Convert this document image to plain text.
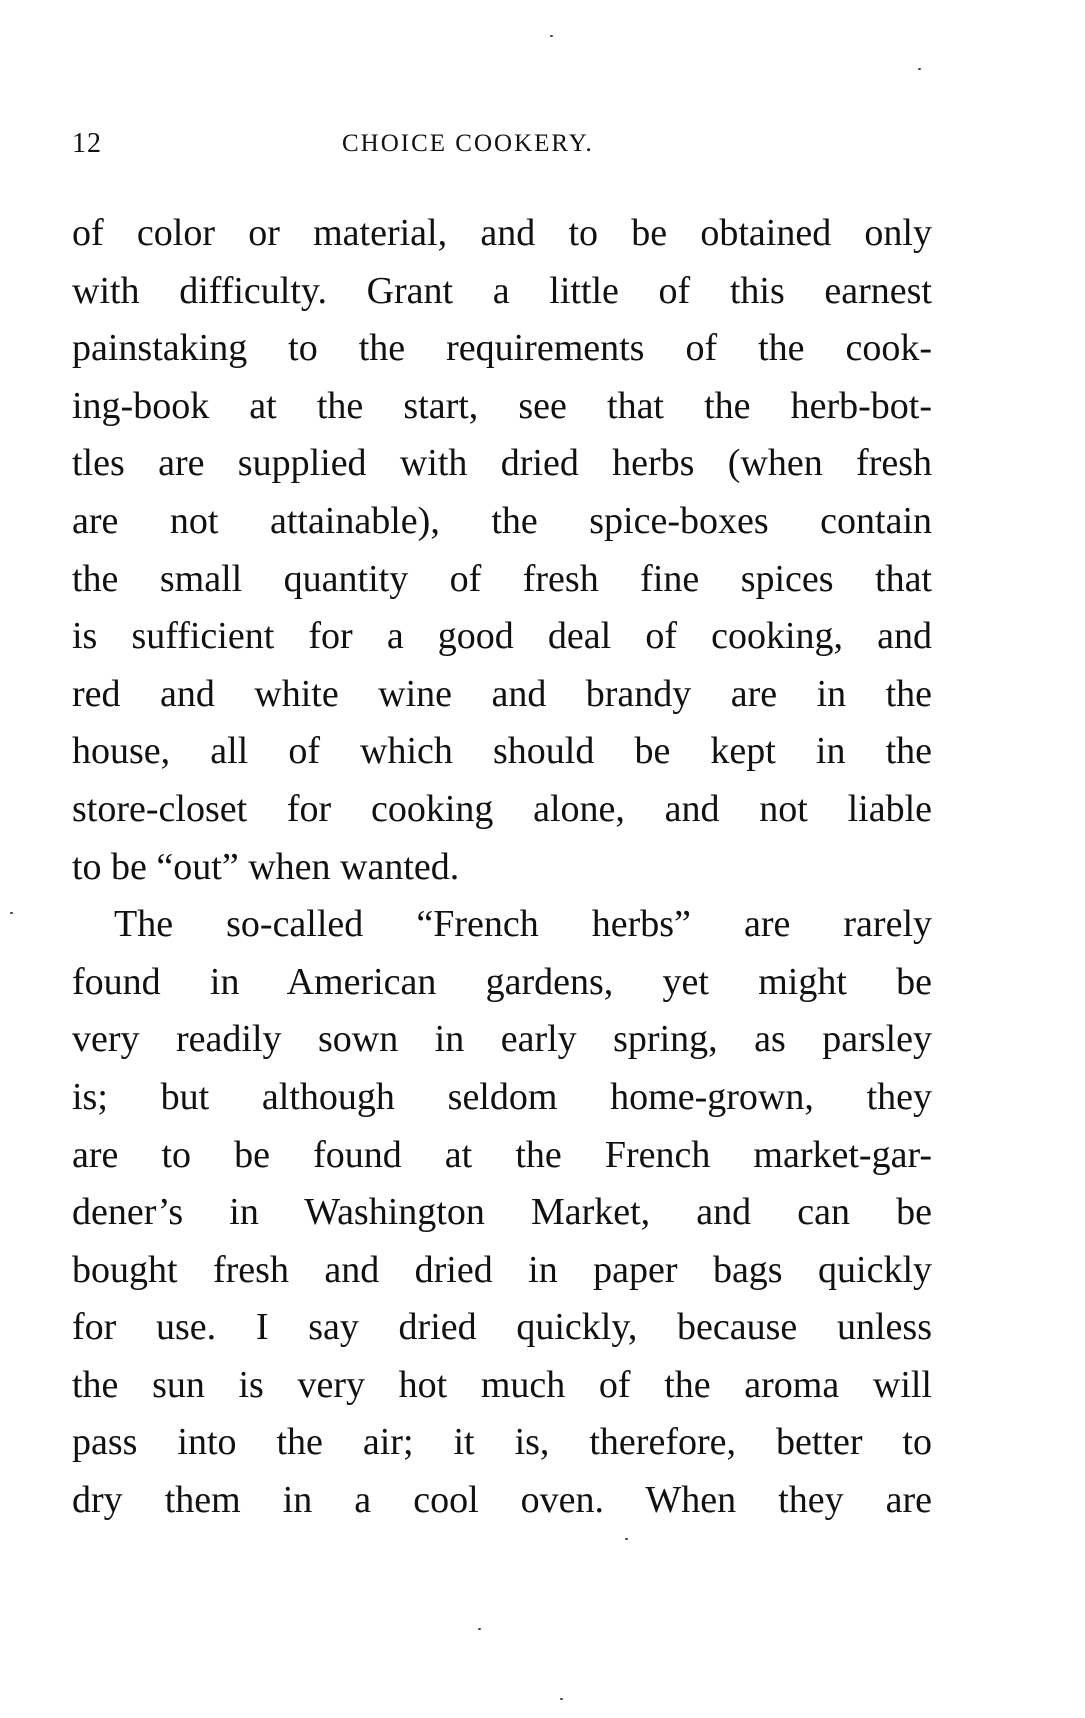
12	CHOICE COOKERY.
of color or material, and to be obtained only
with difficulty. Grant a little of this earnest
painstaking to the requirements of the cook-
ing-book at the start, see that the herb-bot-
tles are supplied with dried herbs (when fresh
are not attainable), the spice-boxes contain
the small quantity of fresh fine spices that
is sufficient for a good deal of cooking, and
red and white wine and brandy are in the
house, all of which should be kept in the
store-closet for cooking alone, and not liable
to be “out” when wanted.
The so-called “French herbs” are rarely
found in American gardens, yet might be
very readily sown in early spring, as parsley
is; but although seldom home-grown, they
are to be found at the French market-gar-
dener’s in Washington Market, and can be
bought fresh and dried in paper bags quickly
for use. I say dried quickly, because unless
the sun is very hot much of the aroma will
pass into the air; it is, therefore, better to
dry them in a cool oven. When they are
